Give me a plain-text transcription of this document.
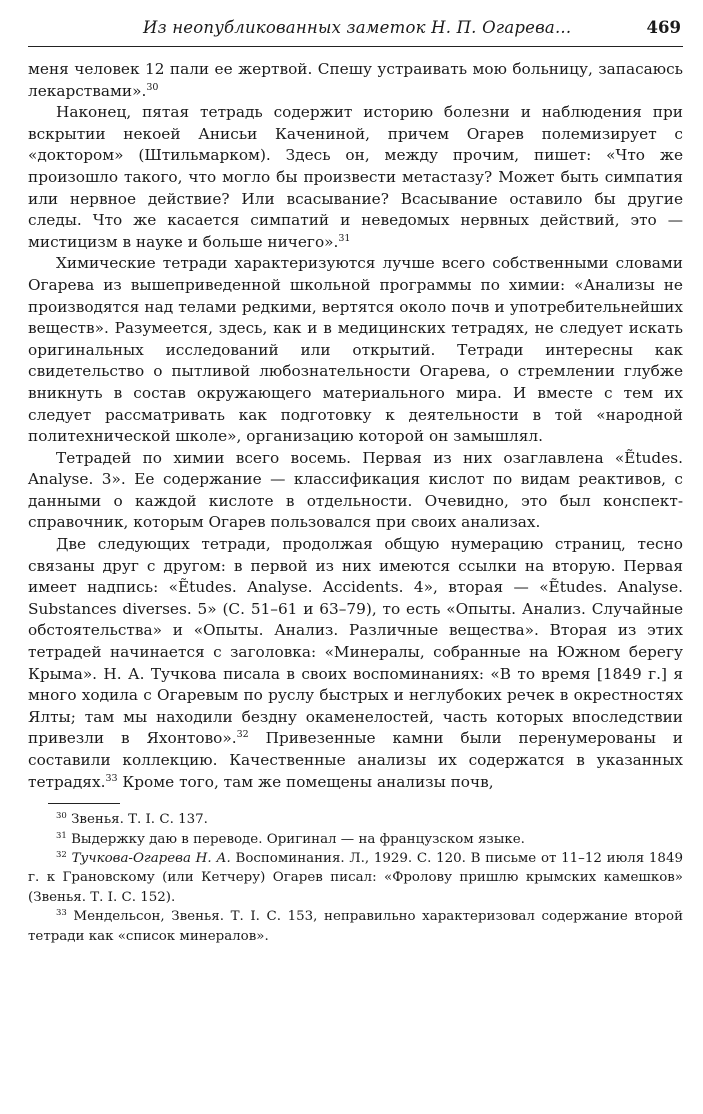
Из неопубликованных заметок Н. П. Огарева...	469

меня человек 12 пали ее жертвой. Спешу устраивать мою больницу, запасаюсь лекарствами».$^{30}$

Наконец, пятая тетрадь содержит историю болезни и наблюдения при вскрытии некоей Анисьи Качениной, причем Огарев полемизирует с «доктором» (Штильмарком). Здесь он, между прочим, пишет: «Что же произошло такого, что могло бы произвести метастазу? Может быть симпатия или нервное действие? Или всасывание? Всасывание оставило бы другие следы. Что же касается симпатий и неведомых нервных действий, это — мистицизм в науке и больше ничего».$^{31}$

Химические тетради характеризуются лучше всего собственными словами Огарева из вышеприведенной школьной программы по химии: «Анализы не производятся над телами редкими, вертятся около почв и употребительнейших веществ». Разумеется, здесь, как и в медицинских тетрадях, не следует искать оригинальных исследований или открытий. Тетради интересны как свидетельство о пытливой любознательности Огарева, о стремлении глубже вникнуть в состав окружающего материального мира. И вместе с тем их следует рассматривать как подготовку к деятельности в той «народной политехнической школе», организацию которой он замышлял.

Тетрадей по химии всего восемь. Первая из них озаглавлена «Ẽtudes. Analyse. 3». Ее содержание — классификация кислот по видам реактивов, с данными о каждой кислоте в отдельности. Очевидно, это был конспект-справочник, которым Огарев пользовался при своих анализах.

Две следующих тетради, продолжая общую нумерацию страниц, тесно связаны друг с другом: в первой из них имеются ссылки на вторую. Первая имеет надпись: «Ẽtudes. Analyse. Accidents. 4», вторая — «Ẽtudes. Analyse. Substances diverses. 5» (С. 51–61 и 63–79), то есть «Опыты. Анализ. Случайные обстоятельства» и «Опыты. Анализ. Различные вещества». Вторая из этих тетрадей начинается с заголовка: «Минералы, собранные на Южном берегу Крыма». Н. А. Тучкова писала в своих воспоминаниях: «В то время [1849 г.] я много ходила с Огаревым по руслу быстрых и неглубоких речек в окрестностях Ялты; там мы находили бездну окаменелостей, часть которых впоследствии привезли в Яхонтово».$^{32}$ Привезенные камни были перенумерованы и составили коллекцию. Качественные анализы их содержатся в указанных тетрадях.$^{33}$ Кроме того, там же помещены анализы почв,

$^{30}$ Звенья. Т. I. С. 137.

$^{31}$ Выдержку даю в переводе. Оригинал — на французском языке.

$^{32}$ Тучкова-Огарева Н. А. Воспоминания. Л., 1929. С. 120. В письме от 11–12 июля 1849 г. к Грановскому (или Кетчеру) Огарев писал: «Фролову пришлю крымских камешков» (Звенья. Т. I. С. 152).

$^{33}$ Мендельсон, Звенья. Т. I. С. 153, неправильно характеризовал содержание второй тетради как «список минералов».
